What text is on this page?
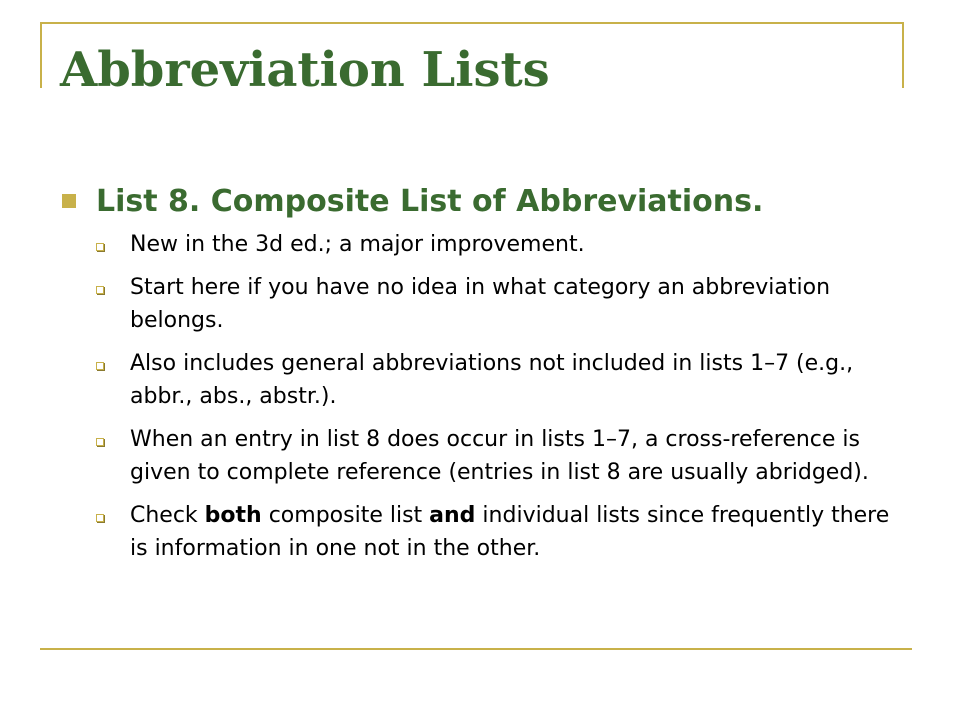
Abbreviation Lists
List 8. Composite List of Abbreviations.
New in the 3d ed.; a major improvement.
Start here if you have no idea in what category an abbreviation belongs.
Also includes general abbreviations not included in lists 1–7 (e.g., abbr., abs., abstr.).
When an entry in list 8 does occur in lists 1–7, a cross-reference is given to complete reference (entries in list 8 are usually abridged).
Check both composite list and individual lists since frequently there is information in one not in the other.
